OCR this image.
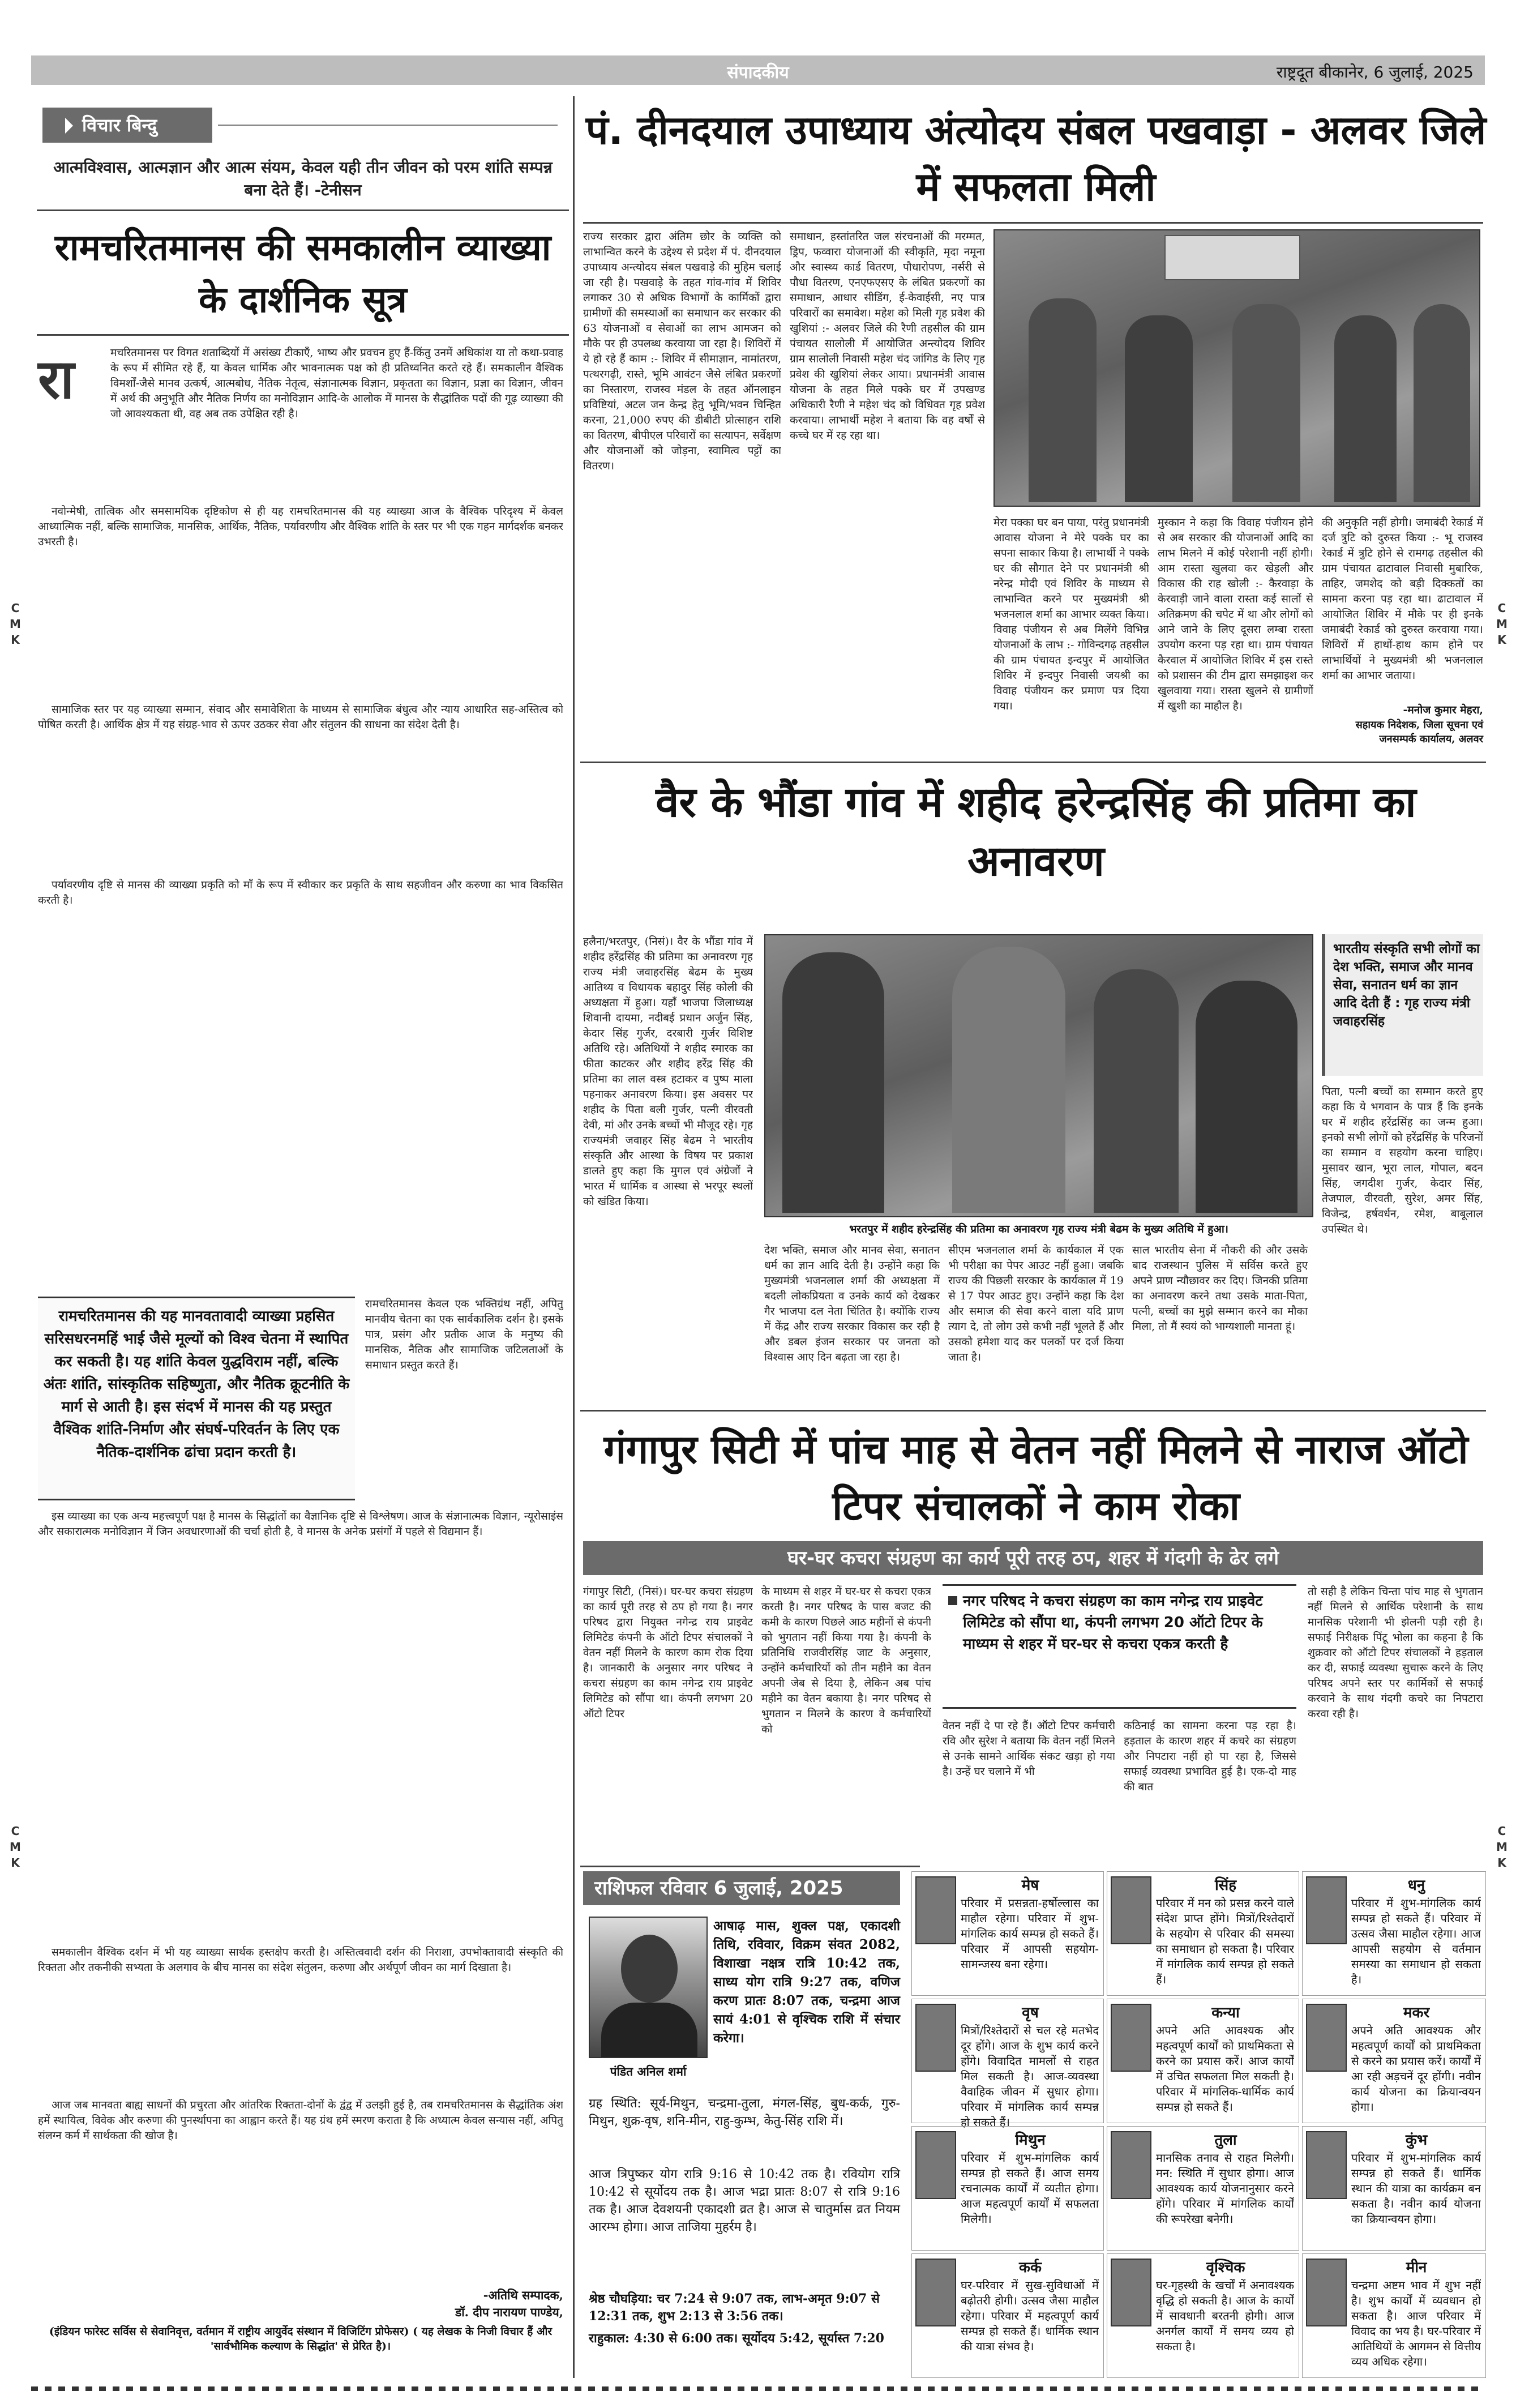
संपादकीय	राष्ट्रदूत बीकानेर, 6 जुलाई, 2025
C
M
K
C
M
K
C
M
K
C
M
K
विचार बिन्दु
आत्मविश्वास, आत्मज्ञान और आत्म संयम, केवल यही तीन जीवन को परम शांति सम्पन्न बना देते हैं। -टेनीसन
रामचरितमानस की समकालीन व्याख्या के दार्शनिक सूत्र
रा	मचरितमानस पर विगत शताब्दियों में असंख्य टीकाएँ, भाष्य और प्रवचन हुए हैं-किंतु उनमें अधिकांश या तो कथा-प्रवाह के रूप में सीमित रहे हैं, या केवल धार्मिक और भावनात्मक पक्ष को ही प्रतिध्वनित करते रहे हैं। समकालीन वैश्विक विमर्शों-जैसे मानव उत्कर्ष, आत्मबोध, नैतिक नेतृत्व, संज्ञानात्मक विज्ञान, प्रकृतता का विज्ञान, प्रज्ञा का विज्ञान, जीवन में अर्थ की अनुभूति और नैतिक निर्णय का मनोविज्ञान आदि-के आलोक में मानस के सैद्धांतिक पदों की गूढ़ व्याख्या की जो आवश्यकता थी, वह अब तक उपेक्षित रही है।
नवोन्मेषी, तात्विक और समसामयिक दृष्टिकोण से ही यह रामचरितमानस की यह व्याख्या आज के वैश्विक परिदृश्य में केवल आध्यात्मिक नहीं, बल्कि सामाजिक, मानसिक, आर्थिक, नैतिक, पर्यावरणीय और वैश्विक शांति के स्तर पर भी एक गहन मार्गदर्शक बनकर उभरती है।
सामाजिक स्तर पर यह व्याख्या सम्मान, संवाद और समावेशिता के माध्यम से सामाजिक बंधुत्व और न्याय आधारित सह-अस्तित्व को पोषित करती है। आर्थिक क्षेत्र में यह संग्रह-भाव से ऊपर उठकर सेवा और संतुलन की साधना का संदेश देती है।
पर्यावरणीय दृष्टि से मानस की व्याख्या प्रकृति को माँ के रूप में स्वीकार कर प्रकृति के साथ सहजीवन और करुणा का भाव विकसित करती है।
रामचरितमानस की यह मानवतावादी व्याख्या प्रहसित सरिसधरनमहिं भाई जैसे मूल्यों को विश्व चेतना में स्थापित कर सकती है। यह शांति केवल युद्धविराम नहीं, बल्कि अंतः शांति, सांस्कृतिक सहिष्णुता, और नैतिक क्रूटनीति के मार्ग से आती है। इस संदर्भ में मानस की यह प्रस्तुत वैश्विक शांति-निर्माण और संघर्ष-परिवर्तन के लिए एक नैतिक-दार्शनिक ढांचा प्रदान करती है।
रामचरितमानस केवल एक भक्तिग्रंथ नहीं, अपितु मानवीय चेतना का एक सार्वकालिक दर्शन है। इसके पात्र, प्रसंग और प्रतीक आज के मनुष्य की मानसिक, नैतिक और सामाजिक जटिलताओं के समाधान प्रस्तुत करते हैं।
इस व्याख्या का एक अन्य महत्त्वपूर्ण पक्ष है मानस के सिद्धांतों का वैज्ञानिक दृष्टि से विश्लेषण। आज के संज्ञानात्मक विज्ञान, न्यूरोसाइंस और सकारात्मक मनोविज्ञान में जिन अवधारणाओं की चर्चा होती है, वे मानस के अनेक प्रसंगों में पहले से विद्यमान हैं।
समकालीन वैश्विक दर्शन में भी यह व्याख्या सार्थक हस्तक्षेप करती है। अस्तित्ववादी दर्शन की निराशा, उपभोक्तावादी संस्कृति की रिक्तता और तकनीकी सभ्यता के अलगाव के बीच मानस का संदेश संतुलन, करुणा और अर्थपूर्ण जीवन का मार्ग दिखाता है।
आज जब मानवता बाह्य साधनों की प्रचुरता और आंतरिक रिक्तता-दोनों के द्वंद्व में उलझी हुई है, तब रामचरितमानस के सैद्धांतिक अंश हमें स्थायित्व, विवेक और करुणा की पुनर्स्थापना का आह्वान करते हैं। यह ग्रंथ हमें स्मरण कराता है कि अध्यात्म केवल सन्यास नहीं, अपितु संलग्न कर्म में सार्थकता की खोज है।
-अतिथि सम्पादक,
डॉ. दीप नारायण पाण्डेय,
(इंडियन फारेस्ट सर्विस से सेवानिवृत्त, वर्तमान में राष्ट्रीय आयुर्वेद संस्थान में विजिटिंग प्रोफेसर) ( यह लेखक के निजी विचार हैं और 'सार्वभौमिक कल्याण के सिद्धांत' से प्रेरित है)।
पं. दीनदयाल उपाध्याय अंत्योदय संबल पखवाड़ा - अलवर जिले में सफलता मिली
राज्य सरकार द्वारा अंतिम छोर के व्यक्ति को लाभान्वित करने के उद्देश्य से प्रदेश में पं. दीनदयाल उपाध्याय अन्त्योदय संबल पखवाड़े की मुहिम चलाई जा रही है। पखवाड़े के तहत गांव-गांव में शिविर लगाकर 30 से अधिक विभागों के कार्मिकों द्वारा ग्रामीणों की समस्याओं का समाधान कर सरकार की 63 योजनाओं व सेवाओं का लाभ आमजन को मौके पर ही उपलब्ध करवाया जा रहा है। शिविरों में ये हो रहे हैं काम :- शिविर में सीमाज्ञान, नामांतरण, पत्थरगढ़ी, रास्ते, भूमि आवंटन जैसे लंबित प्रकरणों का निस्तारण, राजस्व मंडल के तहत ऑनलाइन प्रविष्टियां, अटल जन केन्द्र हेतु भूमि/भवन चिन्हित करना, 21,000 रुपए की डीबीटी प्रोत्साहन राशि का वितरण, बीपीएल परिवारों का सत्यापन, सर्वेक्षण और योजनाओं को जोड़ना, स्वामित्व पट्टों का वितरण।
समाधान, हस्तांतरित जल संरचनाओं की मरम्मत, ड्रिप, फव्वारा योजनाओं की स्वीकृति, मृदा नमूना और स्वास्थ्य कार्ड वितरण, पौधारोपण, नर्सरी से पौधा वितरण, एनएफएसए के लंबित प्रकरणों का समाधान, आधार सीडिंग, ई-केवाईसी, नए पात्र परिवारों का समावेश। महेश को मिली गृह प्रवेश की खुशियां :- अलवर जिले की रैणी तहसील की ग्राम पंचायत सालोली में आयोजित अन्त्योदय शिविर ग्राम सालोली निवासी महेश चंद जांगिड के लिए गृह प्रवेश की खुशियां लेकर आया। प्रधानमंत्री आवास योजना के तहत मिले पक्के घर में उपखण्ड अधिकारी रैणी ने महेश चंद को विधिवत गृह प्रवेश करवाया। लाभार्थी महेश ने बताया कि वह वर्षों से कच्चे घर में रह रहा था।
मेरा पक्का घर बन पाया, परंतु प्रधानमंत्री आवास योजना ने मेरे पक्के घर का सपना साकार किया है। लाभार्थी ने पक्के घर की सौगात देने पर प्रधानमंत्री श्री नरेन्द्र मोदी एवं शिविर के माध्यम से लाभान्वित करने पर मुख्यमंत्री श्री भजनलाल शर्मा का आभार व्यक्त किया। विवाह पंजीयन से अब मिलेंगे विभिन्न योजनाओं के लाभ :- गोविन्दगढ़ तहसील की ग्राम पंचायत इन्दपुर में आयोजित शिविर में इन्दपुर निवासी जयश्री का विवाह पंजीयन कर प्रमाण पत्र दिया गया।
मुस्कान ने कहा कि विवाह पंजीयन होने से अब सरकार की योजनाओं आदि का लाभ मिलने में कोई परेशानी नहीं होगी। आम रास्ता खुलवा कर खेड़ली और विकास की राह खोली :- कैरवाड़ा के केरवाड़ी जाने वाला रास्ता कई सालों से अतिक्रमण की चपेट में था और लोगों को आने जाने के लिए दूसरा लम्बा रास्ता उपयोग करना पड़ रहा था। ग्राम पंचायत कैरवाल में आयोजित शिविर में इस रास्ते को प्रशासन की टीम द्वारा समझाइश कर खुलवाया गया। रास्ता खुलने से ग्रामीणों में खुशी का माहौल है।
की अनुकृति नहीं होगी। जमाबंदी रेकार्ड में दर्ज त्रुटि को दुरुस्त किया :- भू राजस्व रेकार्ड में त्रुटि होने से रामगढ़ तहसील की ग्राम पंचायत ढाटावाल निवासी मुबारिक, ताहिर, जमशेद को बड़ी दिक्कतों का सामना करना पड़ रहा था। ढाटावाल में आयोजित शिविर में मौके पर ही इनके जमाबंदी रेकार्ड को दुरुस्त करवाया गया। शिविरों में हाथों-हाथ काम होने पर लाभार्थियों ने मुख्यमंत्री श्री भजनलाल शर्मा का आभार जताया।
-मनोज कुमार मेहरा,
सहायक निदेशक, जिला सूचना एवं जनसम्पर्क कार्यालय, अलवर
वैर के भौंडा गांव में शहीद हरेन्द्रसिंह की प्रतिमा का अनावरण
हलैना/भरतपुर, (निसं)। वैर के भौंडा गांव में शहीद हरेंद्रसिंह की प्रतिमा का अनावरण गृह राज्य मंत्री जवाहरसिंह बेढम के मुख्य आतिथ्य व विधायक बहादुर सिंह कोली की अध्यक्षता में हुआ। यहाँ भाजपा जिलाध्यक्ष शिवानी दायमा, नदीबई प्रधान अर्जुन सिंह, केदार सिंह गुर्जर, दरबारी गुर्जर विशिष्ट अतिथि रहे। अतिथियों ने शहीद स्मारक का फीता काटकर और शहीद हरेंद्र सिंह की प्रतिमा का लाल वस्त्र हटाकर व पुष्प माला पहनाकर अनावरण किया। इस अवसर पर शहीद के पिता बली गुर्जर, पत्नी वीरवती देवी, मां और उनके बच्चों भी मौजूद रहे। गृह राज्यमंत्री जवाहर सिंह बेढम ने भारतीय संस्कृति और आस्था के विषय पर प्रकाश डालते हुए कहा कि मुगल एवं अंग्रेजों ने भारत में धार्मिक व आस्था से भरपूर स्थलों को खंडित किया।
भरतपुर में शहीद हरेन्द्रसिंह की प्रतिमा का अनावरण गृह राज्य मंत्री बेढम के मुख्य अतिथि में हुआ।
देश भक्ति, समाज और मानव सेवा, सनातन धर्म का ज्ञान आदि देती है। उन्होंने कहा कि मुख्यमंत्री भजनलाल शर्मा की अध्यक्षता में बदली लोकप्रियता व उनके कार्य को देखकर गैर भाजपा दल नेता चिंतित है। क्योंकि राज्य में केंद्र और राज्य सरकार विकास कर रही है और डबल इंजन सरकार पर जनता को विश्वास आए दिन बढ़ता जा रहा है।
सीएम भजनलाल शर्मा के कार्यकाल में एक भी परीक्षा का पेपर आउट नहीं हुआ। जबकि राज्य की पिछली सरकार के कार्यकाल में 19 से 17 पेपर आउट हुए। उन्होंने कहा कि देश और समाज की सेवा करने वाला यदि प्राण त्याग दे, तो लोग उसे कभी नहीं भूलते हैं और उसको हमेशा याद कर पलकों पर दर्ज किया जाता है।
साल भारतीय सेना में नौकरी की और उसके बाद राजस्थान पुलिस में सर्विस करते हुए अपने प्राण न्यौछावर कर दिए। जिनकी प्रतिमा का अनावरण करने तथा उसके माता-पिता, पत्नी, बच्चों का मुझे सम्मान करने का मौका मिला, तो मैं स्वयं को भाग्यशाली मानता हूं।
भारतीय संस्कृति सभी लोगों का देश भक्ति, समाज और मानव सेवा, सनातन धर्म का ज्ञान आदि देती हैं : गृह राज्य मंत्री जवाहरसिंह
पिता, पत्नी बच्चों का सम्मान करते हुए कहा कि ये भगवान के पात्र हैं कि इनके घर में शहीद हरेंद्रसिंह का जन्म हुआ। इनको सभी लोगों को हरेंद्रसिंह के परिजनों का सम्मान व सहयोग करना चाहिए। मुसावर खान, भूरा लाल, गोपाल, बदन सिंह, जगदीश गुर्जर, केदार सिंह, तेजपाल, वीरवती, सुरेश, अमर सिंह, विजेन्द्र, हर्षवर्धन, रमेश, बाबूलाल उपस्थित थे।
गंगापुर सिटी में पांच माह से वेतन नहीं मिलने से नाराज ऑटो टिपर संचालकों ने काम रोका
घर-घर कचरा संग्रहण का कार्य पूरी तरह ठप, शहर में गंदगी के ढेर लगे
गंगापुर सिटी, (निसं)। घर-घर कचरा संग्रहण का कार्य पूरी तरह से ठप हो गया है। नगर परिषद द्वारा नियुक्त नगेन्द्र राय प्राइवेट लिमिटेड कंपनी के ऑटो टिपर संचालकों ने वेतन नहीं मिलने के कारण काम रोक दिया है। जानकारी के अनुसार नगर परिषद ने कचरा संग्रहण का काम नगेन्द्र राय प्राइवेट लिमिटेड को सौंपा था। कंपनी लगभग 20 ऑटो टिपर
के माध्यम से शहर में घर-घर से कचरा एकत्र करती है। नगर परिषद के पास बजट की कमी के कारण पिछले आठ महीनों से कंपनी को भुगतान नहीं किया गया है। कंपनी के प्रतिनिधि राजवीरसिंह जाट के अनुसार, उन्होंने कर्मचारियों को तीन महीने का वेतन अपनी जेब से दिया है, लेकिन अब पांच महीने का वेतन बकाया है। नगर परिषद से भुगतान न मिलने के कारण वे कर्मचारियों को
नगर परिषद ने कचरा संग्रहण का काम नगेन्द्र राय प्राइवेट लिमिटेड को सौंपा था, कंपनी लगभग 20 ऑटो टिपर के माध्यम से शहर में घर-घर से कचरा एकत्र करती है
वेतन नहीं दे पा रहे हैं। ऑटो टिपर कर्मचारी रवि और सुरेश ने बताया कि वेतन नहीं मिलने से उनके सामने आर्थिक संकट खड़ा हो गया है। उन्हें घर चलाने में भी
कठिनाई का सामना करना पड़ रहा है। हड़ताल के कारण शहर में कचरे का संग्रहण और निपटारा नहीं हो पा रहा है, जिससे सफाई व्यवस्था प्रभावित हुई है। एक-दो माह की बात
तो सही है लेकिन चिन्ता पांच माह से भुगतान नहीं मिलने से आर्थिक परेशानी के साथ मानसिक परेशानी भी झेलनी पड़ी रही है। सफाई निरीक्षक पिंटू भोला का कहना है कि शुक्रवार को ऑटो टिपर संचालकों ने हड़ताल कर दी, सफाई व्यवस्था सुचारू करने के लिए परिषद अपने स्तर पर कार्मिकों से सफाई करवाने के साथ गंदगी कचरे का निपटारा करवा रही है।
राशिफल रविवार 6 जुलाई, 2025
पंडित अनिल शर्मा
आषाढ़ मास, शुक्ल पक्ष, एकादशी तिथि, रविवार, विक्रम संवत 2082, विशाखा नक्षत्र रात्रि 10:42 तक, साध्य योग रात्रि 9:27 तक, वणिज करण प्रातः 8:07 तक, चन्द्रमा आज सायं 4:01 से वृश्चिक राशि में संचार करेगा।
ग्रह स्थिति: सूर्य-मिथुन, चन्द्रमा-तुला, मंगल-सिंह, बुध-कर्क, गुरु-मिथुन, शुक्र-वृष, शनि-मीन, राहु-कुम्भ, केतु-सिंह राशि में।
आज त्रिपुष्कर योग रात्रि 9:16 से 10:42 तक है। रवियोग रात्रि 10:42 से सूर्योदय तक है। आज भद्रा प्रातः 8:07 से रात्रि 9:16 तक है। आज देवशयनी एकादशी व्रत है। आज से चातुर्मास व्रत नियम आरम्भ होगा। आज ताजिया मुहर्रम है।
श्रेष्ठ चौघड़िया: चर 7:24 से 9:07 तक, लाभ-अमृत 9:07 से 12:31 तक, शुभ 2:13 से 3:56 तक।
राहुकाल: 4:30 से 6:00 तक। सूर्योदय 5:42, सूर्यास्त 7:20
मेष
परिवार में प्रसन्नता-हर्षोल्लास का माहौल रहेगा। परिवार में शुभ-मांगलिक कार्य सम्पन्न हो सकते हैं। परिवार में आपसी सहयोग-सामन्जस्य बना रहेगा।
सिंह
परिवार में मन को प्रसन्न करने वाले संदेश प्राप्त होंगे। मित्रों/रिश्तेदारों के सहयोग से परिवार की समस्या का समाधान हो सकता है। परिवार में मांगलिक कार्य सम्पन्न हो सकते हैं।
धनु
परिवार में शुभ-मांगलिक कार्य सम्पन्न हो सकते हैं। परिवार में उत्सव जैसा माहौल रहेगा। आज आपसी सहयोग से वर्तमान समस्या का समाधान हो सकता है।
वृष
मित्रों/रिश्तेदारों से चल रहे मतभेद दूर होंगे। आज के शुभ कार्य करने होंगे। विवादित मामलों से राहत मिल सकती है। आज-व्यवस्था वैवाहिक जीवन में सुधार होगा। परिवार में मांगलिक कार्य सम्पन्न हो सकते हैं।
कन्या
अपने अति आवश्यक और महत्वपूर्ण कार्यों को प्राथमिकता से करने का प्रयास करें। आज कार्यों में उचित सफलता मिल सकती है। परिवार में मांगलिक-धार्मिक कार्य सम्पन्न हो सकते हैं।
मकर
अपने अति आवश्यक और महत्वपूर्ण कार्यों को प्राथमिकता से करने का प्रयास करें। कार्यों में आ रही अड़चनें दूर होंगी। नवीन कार्य योजना का क्रियान्वयन होगा।
मिथुन
परिवार में शुभ-मांगलिक कार्य सम्पन्न हो सकते हैं। आज समय रचनात्मक कार्यों में व्यतीत होगा। आज महत्वपूर्ण कार्यों में सफलता मिलेगी।
तुला
मानसिक तनाव से राहत मिलेगी। मन: स्थिति में सुधार होगा। आज आवश्यक कार्य योजनानुसार करने होंगे। परिवार में मांगलिक कार्यों की रूपरेखा बनेगी।
कुंभ
परिवार में शुभ-मांगलिक कार्य सम्पन्न हो सकते हैं। धार्मिक स्थान की यात्रा का कार्यक्रम बन सकता है। नवीन कार्य योजना का क्रियान्वयन होगा।
कर्क
घर-परिवार में सुख-सुविधाओं में बढ़ोतरी होगी। उत्सव जैसा माहौल रहेगा। परिवार में महत्वपूर्ण कार्य सम्पन्न हो सकते हैं। धार्मिक स्थान की यात्रा संभव है।
वृश्चिक
घर-गृहस्थी के खर्चों में अनावश्यक वृद्धि हो सकती है। आज के कार्यों में सावधानी बरतनी होगी। आज अनर्गल कार्यों में समय व्यय हो सकता है।
मीन
चन्द्रमा अष्टम भाव में शुभ नहीं है। शुभ कार्यों में व्यवधान हो सकता है। आज परिवार में विवाद का भय है। घर-परिवार में आतिथियों के आगमन से वित्तीय व्यय अधिक रहेगा।
